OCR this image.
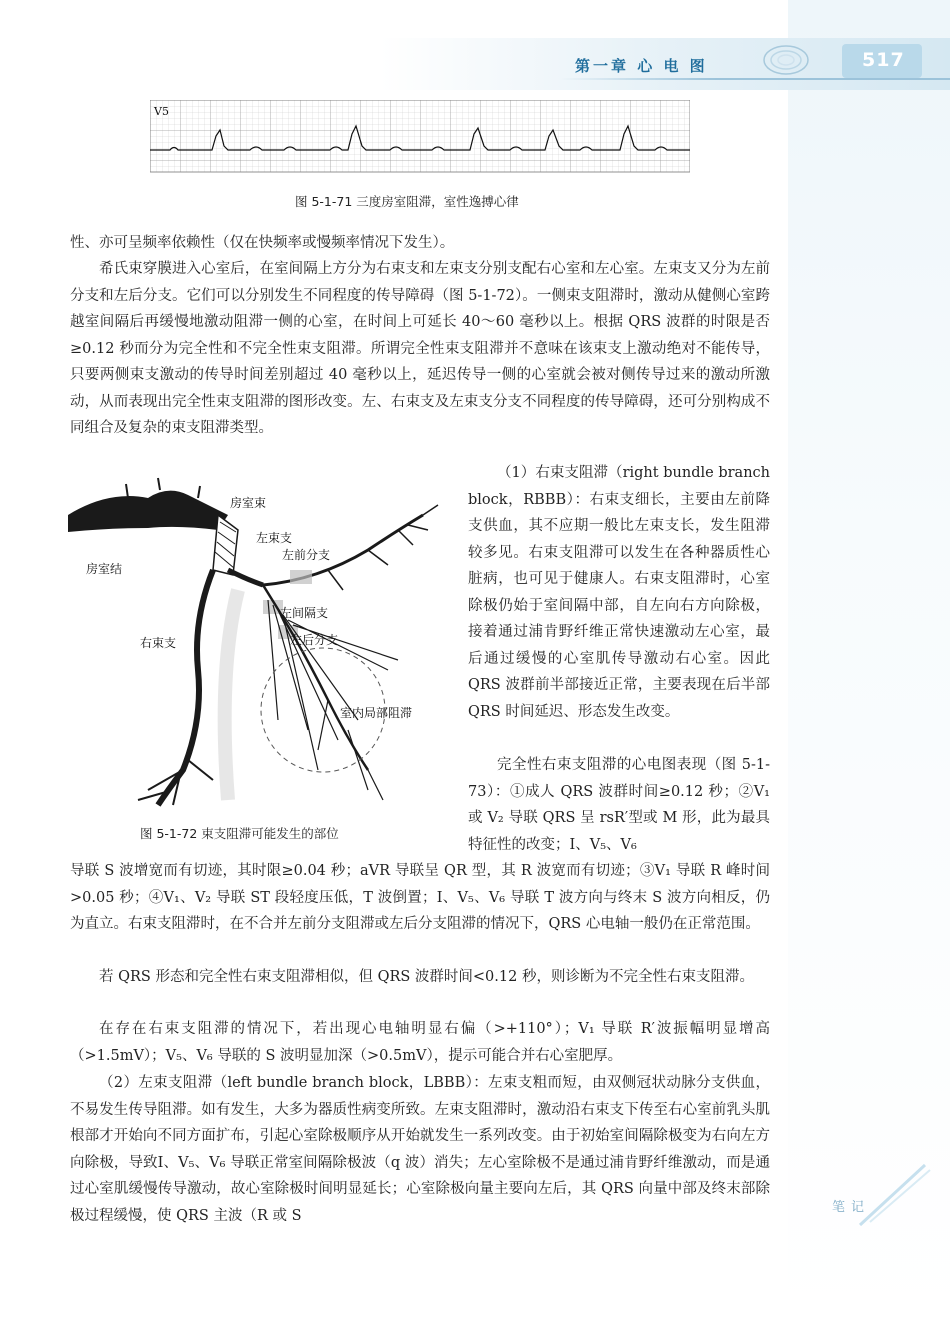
第一章 心 电 图	517
V5
图 5-1-71 三度房室阻滞，室性逸搏心律

性、亦可呈频率依赖性（仅在快频率或慢频率情况下发生）。

希氏束穿膜进入心室后，在室间隔上方分为右束支和左束支分别支配右心室和左心室。左束支又分为左前分支和左后分支。它们可以分别发生不同程度的传导障碍（图 5-1-72）。一侧束支阻滞时，激动从健侧心室跨越室间隔后再缓慢地激动阻滞一侧的心室，在时间上可延长 40～60 毫秒以上。根据 QRS 波群的时限是否≥0.12 秒而分为完全性和不完全性束支阻滞。所谓完全性束支阻滞并不意味在该束支上激动绝对不能传导，只要两侧束支激动的传导时间差别超过 40 毫秒以上，延迟传导一侧的心室就会被对侧传导过来的激动所激动，从而表现出完全性束支阻滞的图形改变。左、右束支及左束支分支不同程度的传导障碍，还可分别构成不同组合及复杂的束支阻滞类型。

房室束
房室结
左束支
左前分支
左间隔支
左后分支
右束支
室内局部阻滞
图 5-1-72 束支阻滞可能发生的部位

（1）右束支阻滞（right bundle branch block，RBBB）：右束支细长，主要由左前降支供血，其不应期一般比左束支长，发生阻滞较多见。右束支阻滞可以发生在各种器质性心脏病，也可见于健康人。右束支阻滞时，心室除极仍始于室间隔中部，自左向右方向除极，接着通过浦肯野纤维正常快速激动左心室，最后通过缓慢的心室肌传导激动右心室。因此 QRS 波群前半部接近正常，主要表现在后半部 QRS 时间延迟、形态发生改变。

完全性右束支阻滞的心电图表现（图 5-1-73）：①成人 QRS 波群时间≥0.12 秒；②V₁ 或 V₂ 导联 QRS 呈 rsR′型或 M 形，此为最具特征性的改变；Ⅰ、V₅、V₆

导联 S 波增宽而有切迹，其时限≥0.04 秒；aVR 导联呈 QR 型，其 R 波宽而有切迹；③V₁ 导联 R 峰时间>0.05 秒；④V₁、V₂ 导联 ST 段轻度压低，T 波倒置；Ⅰ、V₅、V₆ 导联 T 波方向与终末 S 波方向相反，仍为直立。右束支阻滞时，在不合并左前分支阻滞或左后分支阻滞的情况下，QRS 心电轴一般仍在正常范围。

若 QRS 形态和完全性右束支阻滞相似，但 QRS 波群时间<0.12 秒，则诊断为不完全性右束支阻滞。

在存在右束支阻滞的情况下，若出现心电轴明显右偏（>+110°）；V₁ 导联 R′波振幅明显增高（>1.5mV）；V₅、V₆ 导联的 S 波明显加深（>0.5mV），提示可能合并右心室肥厚。

（2）左束支阻滞（left bundle branch block，LBBB）：左束支粗而短，由双侧冠状动脉分支供血，不易发生传导阻滞。如有发生，大多为器质性病变所致。左束支阻滞时，激动沿右束支下传至右心室前乳头肌根部才开始向不同方面扩布，引起心室除极顺序从开始就发生一系列改变。由于初始室间隔除极变为右向左方向除极，导致Ⅰ、V₅、V₆ 导联正常室间隔除极波（q 波）消失；左心室除极不是通过浦肯野纤维激动，而是通过心室肌缓慢传导激动，故心室除极时间明显延长；心室除极向量主要向左后，其 QRS 向量中部及终末部除极过程缓慢，使 QRS 主波（R 或 S	笔记
